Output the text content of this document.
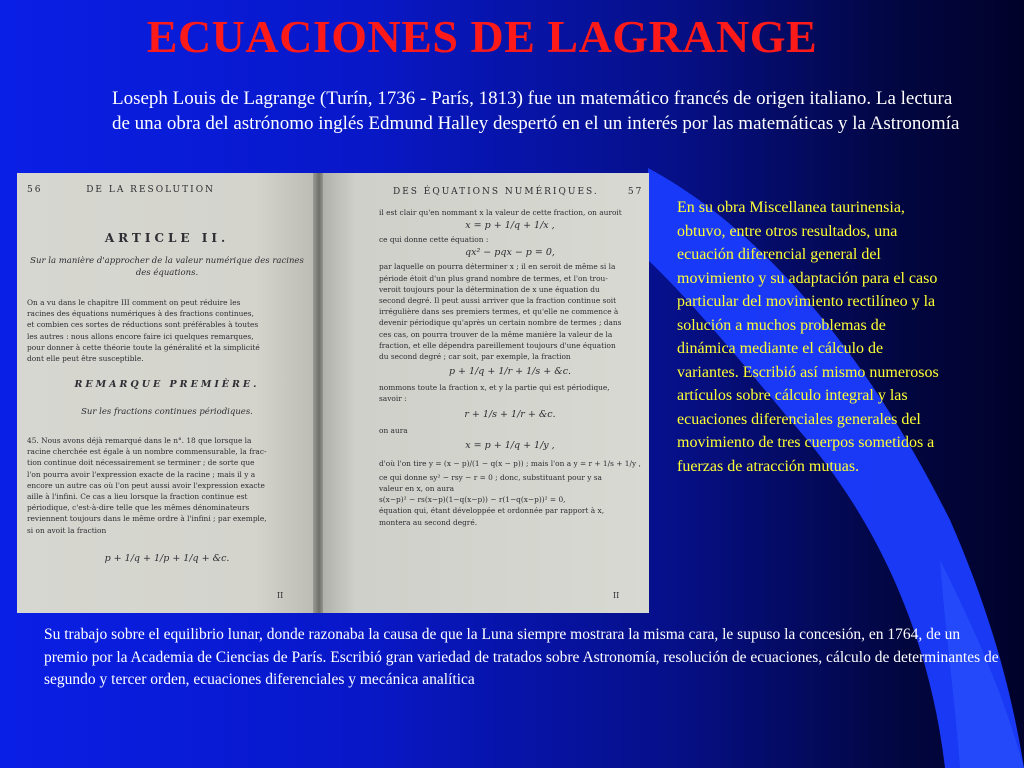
ECUACIONES DE LAGRANGE
Loseph Louis de Lagrange (Turín, 1736 - París, 1813) fue un matemático francés de origen italiano. La lectura de una obra del astrónomo inglés Edmund Halley despertó en el un interés por las matemáticas y la Astronomía
56	DE LA RESOLUTION
ARTICLE II.
Sur la manière d'approcher de la valeur numérique des racines des équations.
On a vu dans le chapitre III comment on peut réduire les
racines des équations numériques à des fractions continues,
et combien ces sortes de réductions sont préférables à toutes
les autres : nous allons encore faire ici quelques remarques,
pour donner à cette théorie toute la généralité et la simplicité
dont elle peut être susceptible.
REMARQUE PREMIÈRE.
Sur les fractions continues périodiques.
45. Nous avons déjà remarqué dans le n°. 18 que lorsque la
racine cherchée est égale à un nombre commensurable, la frac-
tion continue doit nécessairement se terminer ; de sorte que
l'on pourra avoir l'expression exacte de la racine ; mais il y a
encore un autre cas où l'on peut aussi avoir l'expression exacte
aille à l'infini. Ce cas a lieu lorsque la fraction continue est
périodique, c'est-à-dire telle que les mêmes dénominateurs
reviennent toujours dans le même ordre à l'infini ; par exemple,
si on avoit la fraction
p + 1/q + 1/p + 1/q + &c.
II
DES ÉQUATIONS NUMÉRIQUES.	57
il est clair qu'en nommant x la valeur de cette fraction, on auroit
x = p + 1/q + 1/x ,
ce qui donne cette équation :
qx² − pqx − p = 0,
par laquelle on pourra déterminer x ; il en seroit de même si la
période étoit d'un plus grand nombre de termes, et l'on trou-
veroit toujours pour la détermination de x une équation du
second degré. Il peut aussi arriver que la fraction continue soit
irrégulière dans ses premiers termes, et qu'elle ne commence à
devenir périodique qu'après un certain nombre de termes ; dans
ces cas, on pourra trouver de la même manière la valeur de la
fraction, et elle dépendra pareillement toujours d'une équation
du second degré ; car soit, par exemple, la fraction
p + 1/q + 1/r + 1/s + &c.
nommons toute la fraction x, et y la partie qui est périodique,
savoir :
r + 1/s + 1/r + &c.
on aura
x = p + 1/q + 1/y ,
d'où l'on tire y = (x − p)/(1 − q(x − p)) ; mais l'on a y = r + 1/s + 1/y ,
ce qui donne sy² − rsy − r = 0 ; donc, substituant pour y sa
valeur en x, on aura
s(x−p)² − rs(x−p)(1−q(x−p)) − r(1−q(x−p))² = 0,
équation qui, étant développée et ordonnée par rapport à x,
montera au second degré.
II
En su obra Miscellanea taurinensia, obtuvo, entre otros resultados, una ecuación diferencial general del movimiento y su adaptación para el caso particular del movimiento rectilíneo y la solución a muchos problemas de dinámica mediante el cálculo de variantes. Escribió así mismo numerosos artículos sobre cálculo integral y las ecuaciones diferenciales generales del movimiento de tres cuerpos sometidos a fuerzas de atracción mutuas.
Su trabajo sobre el equilibrio lunar, donde razonaba la causa de que la Luna siempre mostrara la misma cara, le supuso la concesión, en 1764, de un premio por la Academia de Ciencias de París. Escribió gran variedad de tratados sobre Astronomía, resolución de ecuaciones, cálculo de determinantes de segundo y tercer orden, ecuaciones diferenciales y mecánica analítica
